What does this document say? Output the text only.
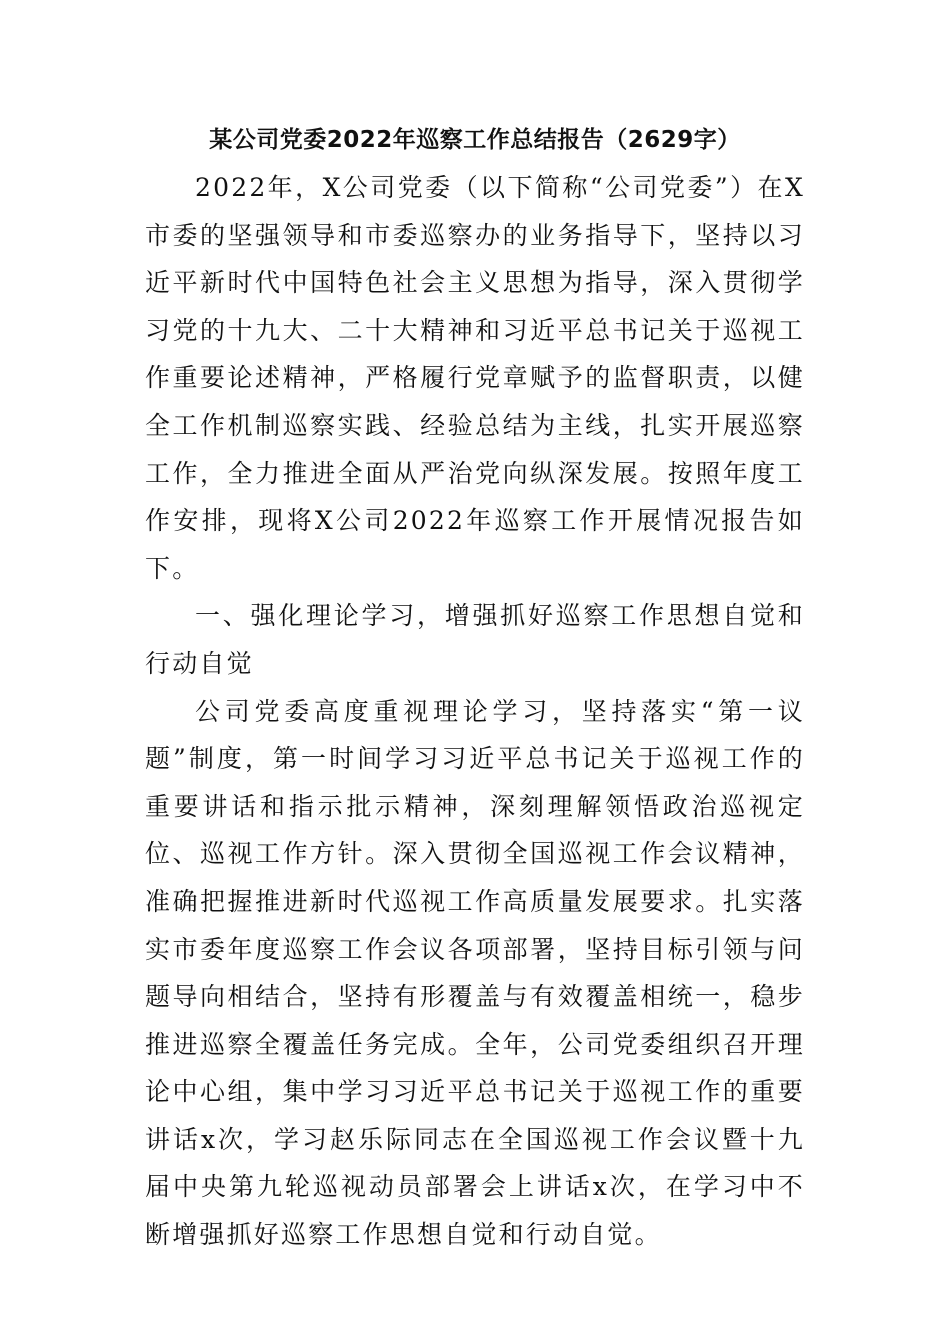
某公司党委2022年巡察工作总结报告（2629字）

2022年，X公司党委（以下简称“公司党委”）在X市委的坚强领导和市委巡察办的业务指导下，坚持以习近平新时代中国特色社会主义思想为指导，深入贯彻学习党的十九大、二十大精神和习近平总书记关于巡视工作重要论述精神，严格履行党章赋予的监督职责，以健全工作机制巡察实践、经验总结为主线，扎实开展巡察工作，全力推进全面从严治党向纵深发展。按照年度工作安排，现将X公司2022年巡察工作开展情况报告如下。

一、强化理论学习，增强抓好巡察工作思想自觉和行动自觉

公司党委高度重视理论学习，坚持落实“第一议题”制度，第一时间学习习近平总书记关于巡视工作的重要讲话和指示批示精神，深刻理解领悟政治巡视定位、巡视工作方针。深入贯彻全国巡视工作会议精神，准确把握推进新时代巡视工作高质量发展要求。扎实落实市委年度巡察工作会议各项部署，坚持目标引领与问题导向相结合，坚持有形覆盖与有效覆盖相统一，稳步推进巡察全覆盖任务完成。全年，公司党委组织召开理论中心组，集中学习习近平总书记关于巡视工作的重要讲话x次，学习赵乐际同志在全国巡视工作会议暨十九届中央第九轮巡视动员部署会上讲话x次，在学习中不断增强抓好巡察工作思想自觉和行动自觉。
